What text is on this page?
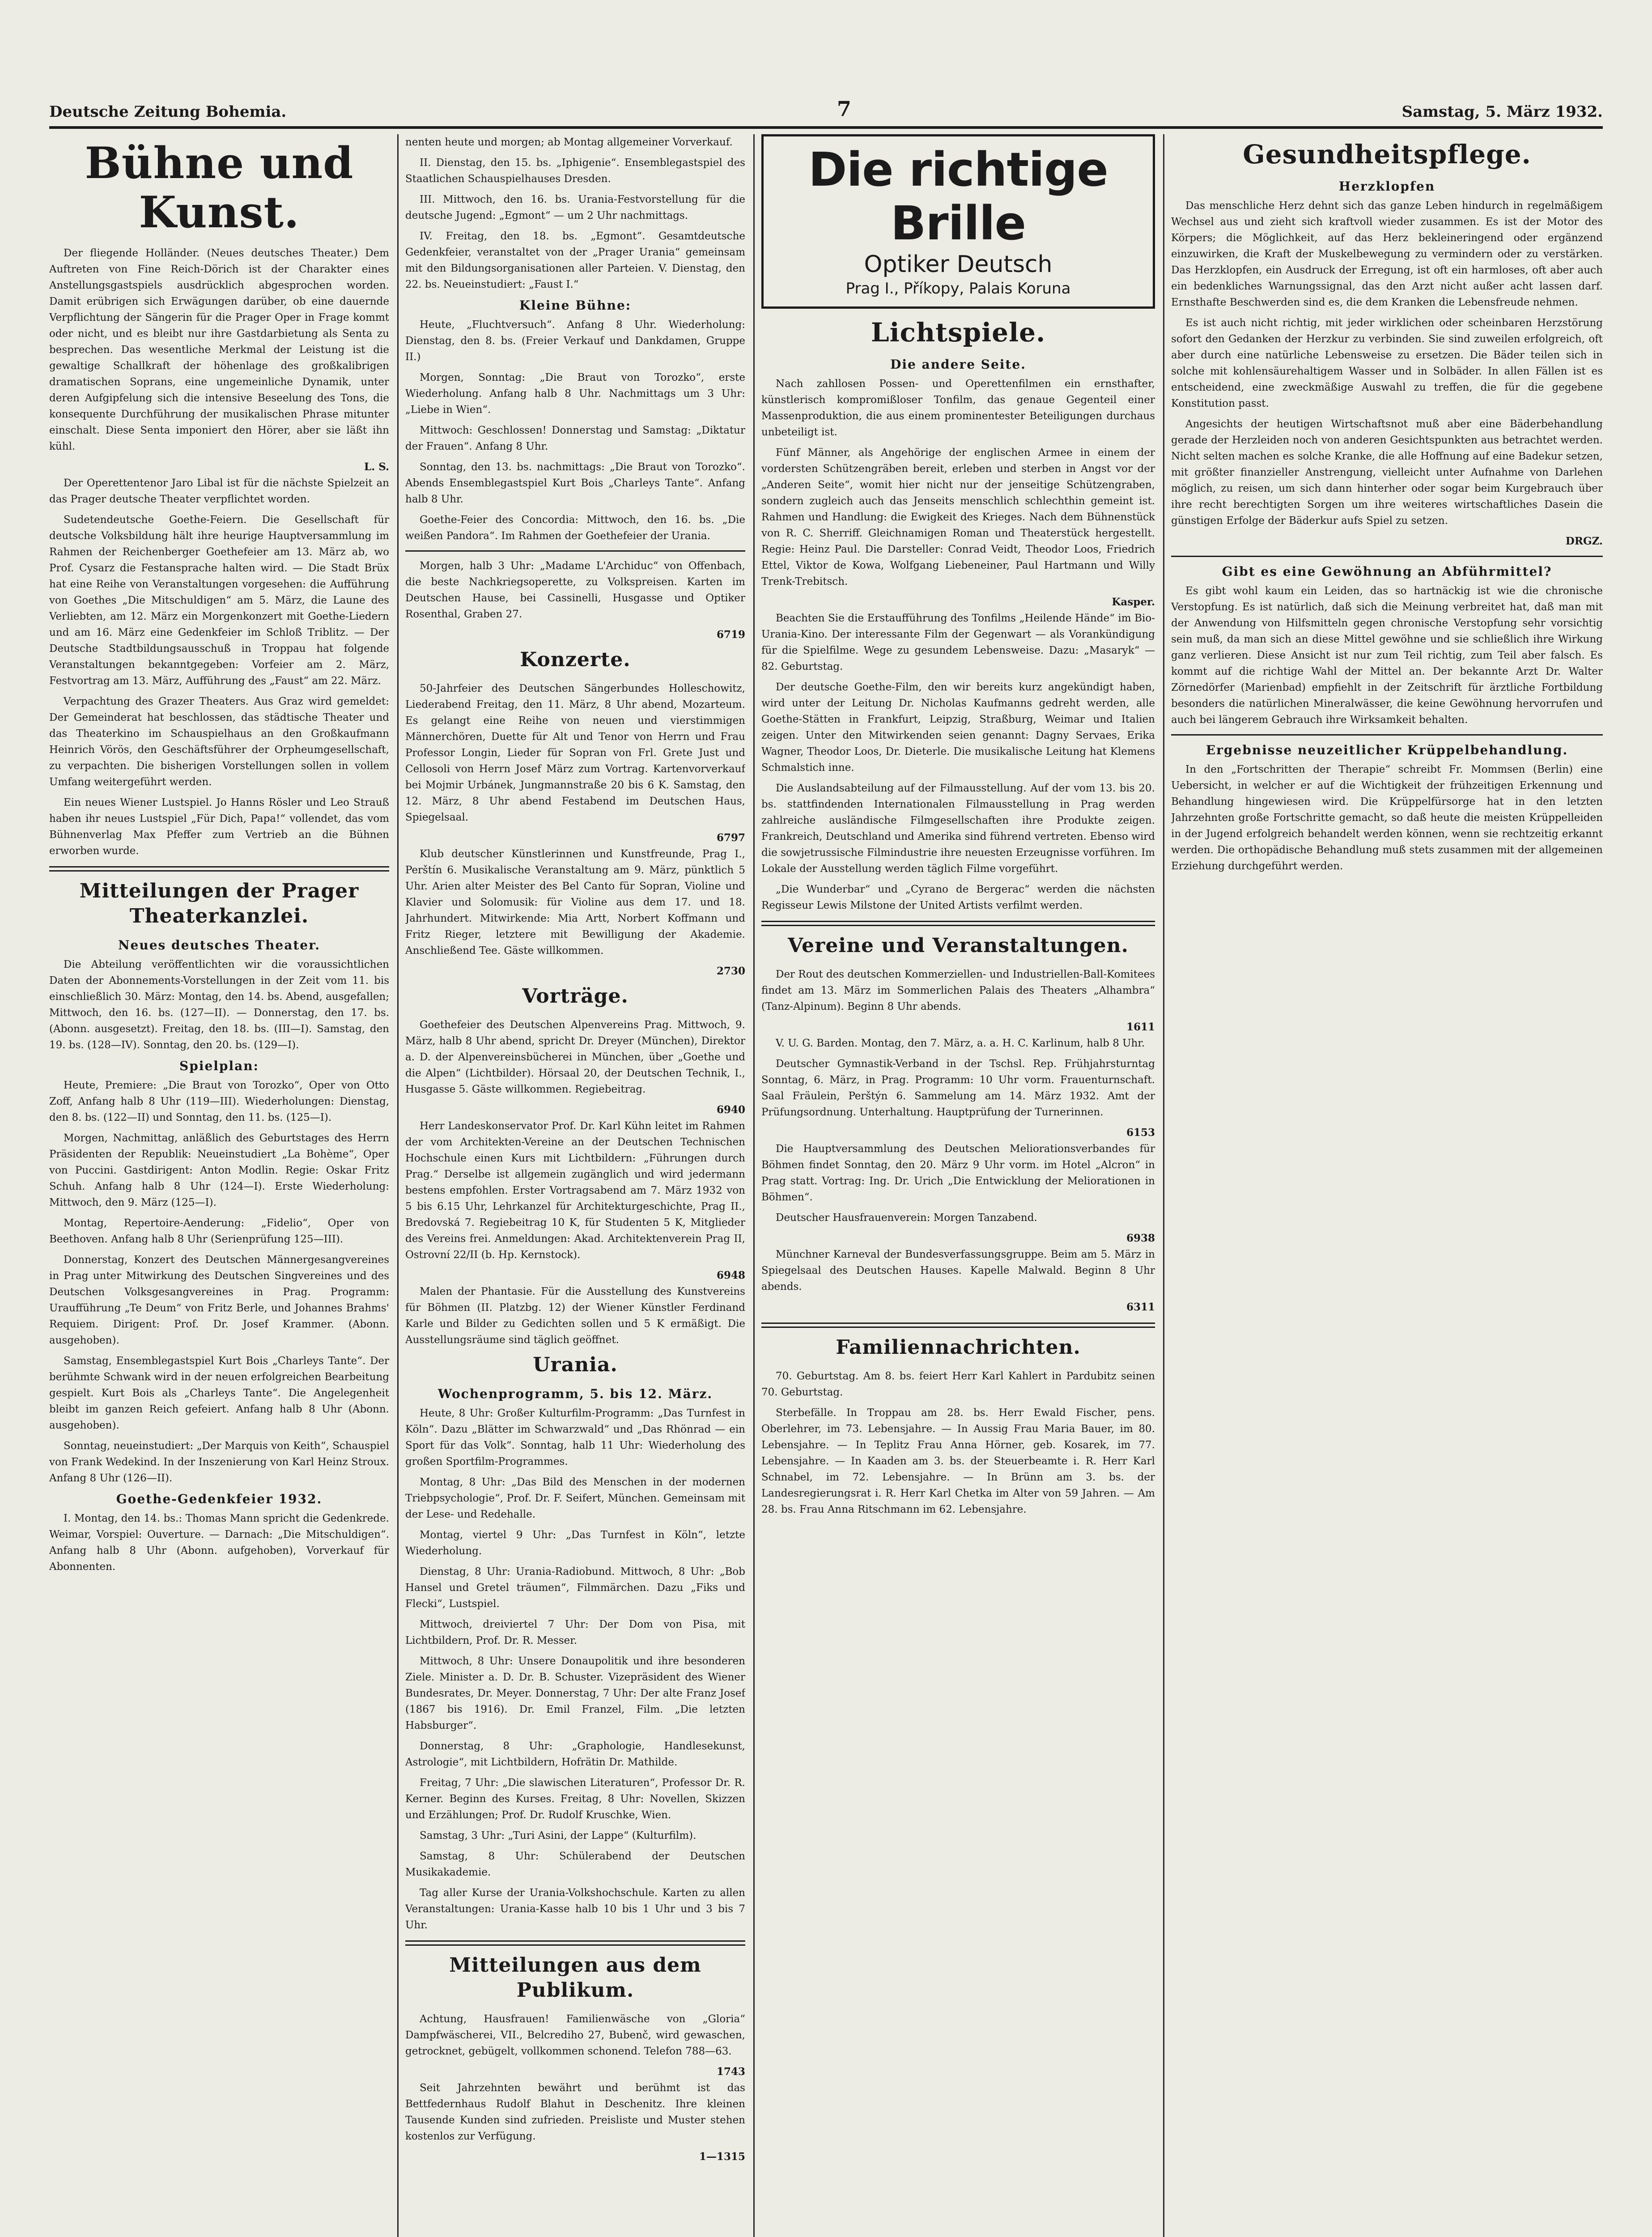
Deutsche Zeitung Bohemia.	7	Samstag, 5. März 1932.
Bühne und Kunst.

Der fliegende Holländer. (Neues deutsches Theater.) Dem Auftreten von Fine Reich-Dörich ist der Charakter eines Anstellungsgastspiels ausdrücklich abgesprochen worden. Damit erübrigen sich Erwägungen darüber, ob eine dauernde Verpflichtung der Sängerin für die Prager Oper in Frage kommt oder nicht, und es bleibt nur ihre Gastdarbietung als Senta zu besprechen. Das wesentliche Merkmal der Leistung ist die gewaltige Schallkraft der höhenlage des großkalibrigen dramatischen Soprans, eine ungemeinliche Dynamik, unter deren Aufgipfelung sich die intensive Beseelung des Tons, die konsequente Durchführung der musikalischen Phrase mitunter einschalt. Diese Senta imponiert den Hörer, aber sie läßt ihn kühl.

L. S.

Der Operettentenor Jaro Libal ist für die nächste Spielzeit an das Prager deutsche Theater verpflichtet worden.

Sudetendeutsche Goethe-Feiern. Die Gesellschaft für deutsche Volksbildung hält ihre heurige Hauptversammlung im Rahmen der Reichenberger Goethefeier am 13. März ab, wo Prof. Cysarz die Festansprache halten wird. — Die Stadt Brüx hat eine Reihe von Veranstaltungen vorgesehen: die Aufführung von Goethes „Die Mitschuldigen“ am 5. März, die Laune des Verliebten, am 12. März ein Morgenkonzert mit Goethe-Liedern und am 16. März eine Gedenkfeier im Schloß Triblitz. — Der Deutsche Stadtbildungsausschuß in Troppau hat folgende Veranstaltungen bekanntgegeben: Vorfeier am 2. März, Festvortrag am 13. März, Aufführung des „Faust“ am 22. März.

Verpachtung des Grazer Theaters. Aus Graz wird gemeldet: Der Gemeinderat hat beschlossen, das städtische Theater und das Theaterkino im Schauspielhaus an den Großkaufmann Heinrich Vörös, den Geschäftsführer der Orpheumgesellschaft, zu verpachten. Die bisherigen Vorstellungen sollen in vollem Umfang weitergeführt werden.

Ein neues Wiener Lustspiel. Jo Hanns Rösler und Leo Strauß haben ihr neues Lustspiel „Für Dich, Papa!“ vollendet, das vom Bühnenverlag Max Pfeffer zum Vertrieb an die Bühnen erworben wurde.

Mitteilungen der Prager Theaterkanzlei.
Neues deutsches Theater.

Die Abteilung veröffentlichten wir die voraussichtlichen Daten der Abonnements-Vorstellungen in der Zeit vom 11. bis einschließlich 30. März: Montag, den 14. bs. Abend, ausgefallen; Mittwoch, den 16. bs. (127—II). — Donnerstag, den 17. bs. (Abonn. ausgesetzt). Freitag, den 18. bs. (III—I). Samstag, den 19. bs. (128—IV). Sonntag, den 20. bs. (129—I).

Spielplan:

Heute, Premiere: „Die Braut von Torozko“, Oper von Otto Zoff, Anfang halb 8 Uhr (119—III). Wiederholungen: Dienstag, den 8. bs. (122—II) und Sonntag, den 11. bs. (125—I).

Morgen, Nachmittag, anläßlich des Geburtstages des Herrn Präsidenten der Republik: Neueinstudiert „La Bohème“, Oper von Puccini. Gastdirigent: Anton Modlin. Regie: Oskar Fritz Schuh. Anfang halb 8 Uhr (124—I). Erste Wiederholung: Mittwoch, den 9. März (125—I).

Montag, Repertoire-Aenderung: „Fidelio“, Oper von Beethoven. Anfang halb 8 Uhr (Serienprüfung 125—III).

Donnerstag, Konzert des Deutschen Männergesangvereines in Prag unter Mitwirkung des Deutschen Singvereines und des Deutschen Volksgesangvereines in Prag. Programm: Uraufführung „Te Deum“ von Fritz Berle, und Johannes Brahms' Requiem. Dirigent: Prof. Dr. Josef Krammer. (Abonn. ausgehoben).

Samstag, Ensemblegastspiel Kurt Bois „Charleys Tante“. Der berühmte Schwank wird in der neuen erfolgreichen Bearbeitung gespielt. Kurt Bois als „Charleys Tante“. Die Angelegenheit bleibt im ganzen Reich gefeiert. Anfang halb 8 Uhr (Abonn. ausgehoben).

Sonntag, neueinstudiert: „Der Marquis von Keith“, Schauspiel von Frank Wedekind. In der Inszenierung von Karl Heinz Stroux. Anfang 8 Uhr (126—II).

Goethe-Gedenkfeier 1932.

I. Montag, den 14. bs.: Thomas Mann spricht die Gedenkrede. Weimar, Vorspiel: Ouverture. — Darnach: „Die Mitschuldigen“. Anfang halb 8 Uhr (Abonn. aufgehoben), Vorverkauf für Abonnenten.

nenten heute und morgen; ab Montag allgemeiner Vorverkauf.

II. Dienstag, den 15. bs. „Iphigenie“. Ensemblegastspiel des Staatlichen Schauspielhauses Dresden.

III. Mittwoch, den 16. bs. Urania-Festvorstellung für die deutsche Jugend: „Egmont“ — um 2 Uhr nachmittags.

IV. Freitag, den 18. bs. „Egmont“. Gesamtdeutsche Gedenkfeier, veranstaltet von der „Prager Urania“ gemeinsam mit den Bildungsorganisationen aller Parteien. V. Dienstag, den 22. bs. Neueinstudiert: „Faust I.“

Kleine Bühne:

Heute, „Fluchtversuch“. Anfang 8 Uhr. Wiederholung: Dienstag, den 8. bs. (Freier Verkauf und Dankdamen, Gruppe II.)

Morgen, Sonntag: „Die Braut von Torozko“, erste Wiederholung. Anfang halb 8 Uhr. Nachmittags um 3 Uhr: „Liebe in Wien“.

Mittwoch: Geschlossen! Donnerstag und Samstag: „Diktatur der Frauen“. Anfang 8 Uhr.

Sonntag, den 13. bs. nachmittags: „Die Braut von Torozko“. Abends Ensemblegastspiel Kurt Bois „Charleys Tante“. Anfang halb 8 Uhr.

Goethe-Feier des Concordia: Mittwoch, den 16. bs. „Die weißen Pandora“. Im Rahmen der Goethefeier der Urania.

Morgen, halb 3 Uhr: „Madame L'Archiduc“ von Offenbach, die beste Nachkriegsoperette, zu Volkspreisen. Karten im Deutschen Hause, bei Cassinelli, Husgasse und Optiker Rosenthal, Graben 27.

6719
Konzerte.

50-Jahrfeier des Deutschen Sängerbundes Holleschowitz, Liederabend Freitag, den 11. März, 8 Uhr abend, Mozarteum. Es gelangt eine Reihe von neuen und vierstimmigen Männerchören, Duette für Alt und Tenor von Herrn und Frau Professor Longin, Lieder für Sopran von Frl. Grete Just und Cellosoli von Herrn Josef März zum Vortrag. Kartenvorverkauf bei Mojmir Urbánek, Jungmannstraße 20 bis 6 K. Samstag, den 12. März, 8 Uhr abend Festabend im Deutschen Haus, Spiegelsaal.

6797

Klub deutscher Künstlerinnen und Kunstfreunde, Prag I., Perštín 6. Musikalische Veranstaltung am 9. März, pünktlich 5 Uhr. Arien alter Meister des Bel Canto für Sopran, Violine und Klavier und Solomusik: für Violine aus dem 17. und 18. Jahrhundert. Mitwirkende: Mia Artt, Norbert Koffmann und Fritz Rieger, letztere mit Bewilligung der Akademie. Anschließend Tee. Gäste willkommen.

2730
Vorträge.

Goethefeier des Deutschen Alpenvereins Prag. Mittwoch, 9. März, halb 8 Uhr abend, spricht Dr. Dreyer (München), Direktor a. D. der Alpenvereinsbücherei in München, über „Goethe und die Alpen“ (Lichtbilder). Hörsaal 20, der Deutschen Technik, I., Husgasse 5. Gäste willkommen. Regiebeitrag.

6940

Herr Landeskonservator Prof. Dr. Karl Kühn leitet im Rahmen der vom Architekten-Vereine an der Deutschen Technischen Hochschule einen Kurs mit Lichtbildern: „Führungen durch Prag.“ Derselbe ist allgemein zugänglich und wird jedermann bestens empfohlen. Erster Vortragsabend am 7. März 1932 von 5 bis 6.15 Uhr, Lehrkanzel für Architekturgeschichte, Prag II., Bredovská 7. Regiebeitrag 10 K, für Studenten 5 K, Mitglieder des Vereins frei. Anmeldungen: Akad. Architektenverein Prag II, Ostrovní 22/II (b. Hp. Kernstock).

6948

Malen der Phantasie. Für die Ausstellung des Kunstvereins für Böhmen (II. Platzbg. 12) der Wiener Künstler Ferdinand Karle und Bilder zu Gedichten sollen und 5 K ermäßigt. Die Ausstellungsräume sind täglich geöffnet.

Urania.
Wochenprogramm, 5. bis 12. März.

Heute, 8 Uhr: Großer Kulturfilm-Programm: „Das Turnfest in Köln“. Dazu „Blätter im Schwarzwald“ und „Das Rhönrad — ein Sport für das Volk“. Sonntag, halb 11 Uhr: Wiederholung des großen Sportfilm-Programmes.

Montag, 8 Uhr: „Das Bild des Menschen in der modernen Triebpsychologie“, Prof. Dr. F. Seifert, München. Gemeinsam mit der Lese- und Redehalle.

Montag, viertel 9 Uhr: „Das Turnfest in Köln“, letzte Wiederholung.

Dienstag, 8 Uhr: Urania-Radiobund. Mittwoch, 8 Uhr: „Bob Hansel und Gretel träumen“, Filmmärchen. Dazu „Fiks und Flecki“, Lustspiel.

Mittwoch, dreiviertel 7 Uhr: Der Dom von Pisa, mit Lichtbildern, Prof. Dr. R. Messer.

Mittwoch, 8 Uhr: Unsere Donaupolitik und ihre besonderen Ziele. Minister a. D. Dr. B. Schuster. Vizepräsident des Wiener Bundesrates, Dr. Meyer. Donnerstag, 7 Uhr: Der alte Franz Josef (1867 bis 1916). Dr. Emil Franzel, Film. „Die letzten Habsburger“.

Donnerstag, 8 Uhr: „Graphologie, Handlesekunst, Astrologie“, mit Lichtbildern, Hofrätin Dr. Mathilde.

Freitag, 7 Uhr: „Die slawischen Literaturen“, Professor Dr. R. Kerner. Beginn des Kurses. Freitag, 8 Uhr: Novellen, Skizzen und Erzählungen; Prof. Dr. Rudolf Kruschke, Wien.

Samstag, 3 Uhr: „Turi Asini, der Lappe“ (Kulturfilm).

Samstag, 8 Uhr: Schülerabend der Deutschen Musikakademie.

Tag aller Kurse der Urania-Volkshochschule. Karten zu allen Veranstaltungen: Urania-Kasse halb 10 bis 1 Uhr und 3 bis 7 Uhr.

Mitteilungen aus dem Publikum.

Achtung, Hausfrauen! Familienwäsche von „Gloria“ Dampfwäscherei, VII., Belcrediho 27, Bubenč, wird gewaschen, getrocknet, gebügelt, vollkommen schonend. Telefon 788—63.

1743

Seit Jahrzehnten bewährt und berühmt ist das Bettfedernhaus Rudolf Blahut in Deschenitz. Ihre kleinen Tausende Kunden sind zufrieden. Preisliste und Muster stehen kostenlos zur Verfügung.

1—1315
Die richtige Brille
Optiker Deutsch
Prag I., Příkopy, Palais Koruna
Lichtspiele.
Die andere Seite.

Nach zahllosen Possen- und Operettenfilmen ein ernsthafter, künstlerisch kompromißloser Tonfilm, das genaue Gegenteil einer Massenproduktion, die aus einem prominentester Beteiligungen durchaus unbeteiligt ist.

Fünf Männer, als Angehörige der englischen Armee in einem der vordersten Schützengräben bereit, erleben und sterben in Angst vor der „Anderen Seite“, womit hier nicht nur der jenseitige Schützengraben, sondern zugleich auch das Jenseits menschlich schlechthin gemeint ist. Rahmen und Handlung: die Ewigkeit des Krieges. Nach dem Bühnenstück von R. C. Sherriff. Gleichnamigen Roman und Theaterstück hergestellt. Regie: Heinz Paul. Die Darsteller: Conrad Veidt, Theodor Loos, Friedrich Ettel, Viktor de Kowa, Wolfgang Liebeneiner, Paul Hartmann und Willy Trenk-Trebitsch.

Kasper.

Beachten Sie die Erstaufführung des Tonfilms „Heilende Hände“ im Bio-Urania-Kino. Der interessante Film der Gegenwart — als Vorankündigung für die Spielfilme. Wege zu gesundem Lebensweise. Dazu: „Masaryk“ — 82. Geburtstag.

Der deutsche Goethe-Film, den wir bereits kurz angekündigt haben, wird unter der Leitung Dr. Nicholas Kaufmanns gedreht werden, alle Goethe-Stätten in Frankfurt, Leipzig, Straßburg, Weimar und Italien zeigen. Unter den Mitwirkenden seien genannt: Dagny Servaes, Erika Wagner, Theodor Loos, Dr. Dieterle. Die musikalische Leitung hat Klemens Schmalstich inne.

Die Auslandsabteilung auf der Filmausstellung. Auf der vom 13. bis 20. bs. stattfindenden Internationalen Filmausstellung in Prag werden zahlreiche ausländische Filmgesellschaften ihre Produkte zeigen. Frankreich, Deutschland und Amerika sind führend vertreten. Ebenso wird die sowjetrussische Filmindustrie ihre neuesten Erzeugnisse vorführen. Im Lokale der Ausstellung werden täglich Filme vorgeführt.

„Die Wunderbar“ und „Cyrano de Bergerac“ werden die nächsten Regisseur Lewis Milstone der United Artists verfilmt werden.

Vereine und Veranstaltungen.

Der Rout des deutschen Kommerziellen- und Industriellen-Ball-Komitees findet am 13. März im Sommerlichen Palais des Theaters „Alhambra“ (Tanz-Alpinum). Beginn 8 Uhr abends.

1611

V. U. G. Barden. Montag, den 7. März, a. a. H. C. Karlinum, halb 8 Uhr.

Deutscher Gymnastik-Verband in der Tschsl. Rep. Frühjahrsturntag Sonntag, 6. März, in Prag. Programm: 10 Uhr vorm. Frauenturnschaft. Saal Fräulein, Perštýn 6. Sammelung am 14. März 1932. Amt der Prüfungsordnung. Unterhaltung. Hauptprüfung der Turnerinnen.

6153

Die Hauptversammlung des Deutschen Meliorationsverbandes für Böhmen findet Sonntag, den 20. März 9 Uhr vorm. im Hotel „Alcron“ in Prag statt. Vortrag: Ing. Dr. Urich „Die Entwicklung der Meliorationen in Böhmen“.

Deutscher Hausfrauenverein: Morgen Tanzabend.

6938

Münchner Karneval der Bundesverfassungsgruppe. Beim am 5. März in Spiegelsaal des Deutschen Hauses. Kapelle Malwald. Beginn 8 Uhr abends.

6311
Familiennachrichten.

70. Geburtstag. Am 8. bs. feiert Herr Karl Kahlert in Pardubitz seinen 70. Geburtstag.

Sterbefälle. In Troppau am 28. bs. Herr Ewald Fischer, pens. Oberlehrer, im 73. Lebensjahre. — In Aussig Frau Maria Bauer, im 80. Lebensjahre. — In Teplitz Frau Anna Hörner, geb. Kosarek, im 77. Lebensjahre. — In Kaaden am 3. bs. der Steuerbeamte i. R. Herr Karl Schnabel, im 72. Lebensjahre. — In Brünn am 3. bs. der Landesregierungsrat i. R. Herr Karl Chetka im Alter von 59 Jahren. — Am 28. bs. Frau Anna Ritschmann im 62. Lebensjahre.

Gesundheitspflege.
Herzklopfen

Das menschliche Herz dehnt sich das ganze Leben hindurch in regelmäßigem Wechsel aus und zieht sich kraftvoll wieder zusammen. Es ist der Motor des Körpers; die Möglichkeit, auf das Herz bekleineringend oder ergänzend einzuwirken, die Kraft der Muskelbewegung zu vermindern oder zu verstärken. Das Herzklopfen, ein Ausdruck der Erregung, ist oft ein harmloses, oft aber auch ein bedenkliches Warnungssignal, das den Arzt nicht außer acht lassen darf. Ernsthafte Beschwerden sind es, die dem Kranken die Lebensfreude nehmen.

Es ist auch nicht richtig, mit jeder wirklichen oder scheinbaren Herzstörung sofort den Gedanken der Herzkur zu verbinden. Sie sind zuweilen erfolgreich, oft aber durch eine natürliche Lebensweise zu ersetzen. Die Bäder teilen sich in solche mit kohlensäurehaltigem Wasser und in Solbäder. In allen Fällen ist es entscheidend, eine zweckmäßige Auswahl zu treffen, die für die gegebene Konstitution passt.

Angesichts der heutigen Wirtschaftsnot muß aber eine Bäderbehandlung gerade der Herzleiden noch von anderen Gesichtspunkten aus betrachtet werden. Nicht selten machen es solche Kranke, die alle Hoffnung auf eine Badekur setzen, mit größter finanzieller Anstrengung, vielleicht unter Aufnahme von Darlehen möglich, zu reisen, um sich dann hinterher oder sogar beim Kurgebrauch über ihre recht berechtigten Sorgen um ihre weiteres wirtschaftliches Dasein die günstigen Erfolge der Bäderkur aufs Spiel zu setzen.

DRGZ.
Gibt es eine Gewöhnung an Abführmittel?

Es gibt wohl kaum ein Leiden, das so hartnäckig ist wie die chronische Verstopfung. Es ist natürlich, daß sich die Meinung verbreitet hat, daß man mit der Anwendung von Hilfsmitteln gegen chronische Verstopfung sehr vorsichtig sein muß, da man sich an diese Mittel gewöhne und sie schließlich ihre Wirkung ganz verlieren. Diese Ansicht ist nur zum Teil richtig, zum Teil aber falsch. Es kommt auf die richtige Wahl der Mittel an. Der bekannte Arzt Dr. Walter Zörnedörfer (Marienbad) empfiehlt in der Zeitschrift für ärztliche Fortbildung besonders die natürlichen Mineralwässer, die keine Gewöhnung hervorrufen und auch bei längerem Gebrauch ihre Wirksamkeit behalten.

Ergebnisse neuzeitlicher Krüppelbehandlung.

In den „Fortschritten der Therapie“ schreibt Fr. Mommsen (Berlin) eine Uebersicht, in welcher er auf die Wichtigkeit der frühzeitigen Erkennung und Behandlung hingewiesen wird. Die Krüppelfürsorge hat in den letzten Jahrzehnten große Fortschritte gemacht, so daß heute die meisten Krüppelleiden in der Jugend erfolgreich behandelt werden können, wenn sie rechtzeitig erkannt werden. Die orthopädische Behandlung muß stets zusammen mit der allgemeinen Erziehung durchgeführt werden.
